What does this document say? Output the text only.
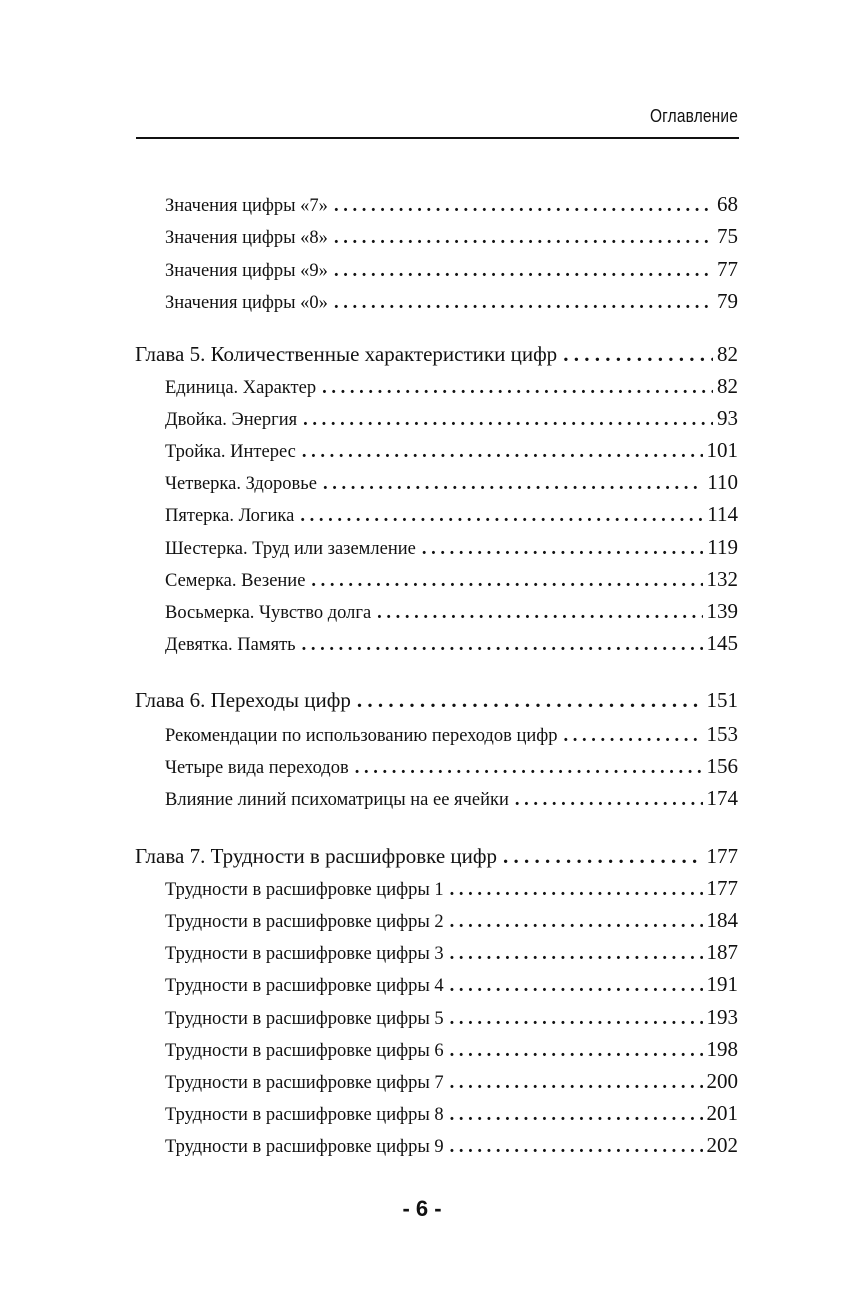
Оглавление
Значения цифры «7» . . .	68
Значения цифры «8» . . .	75
Значения цифры «9» . . .	77
Значения цифры «0» . . .	79
Глава 5. Количественные характеристики цифр . . .	82
Единица. Характер . . .	82
Двойка. Энергия . . .	93
Тройка. Интерес . . .	101
Четверка. Здоровье . . .	110
Пятерка. Логика . . .	114
Шестерка. Труд или заземление . . .	119
Семерка. Везение . . .	132
Восьмерка. Чувство долга . . .	139
Девятка. Память . . .	145
Глава 6. Переходы цифр . . .	151
Рекомендации по использованию переходов цифр . . .	153
Четыре вида переходов . . .	156
Влияние линий психоматрицы на ее ячейки . . .	174
Глава 7. Трудности в расшифровке цифр . . .	177
Трудности в расшифровке цифры 1 . . .	177
Трудности в расшифровке цифры 2 . . .	184
Трудности в расшифровке цифры 3 . . .	187
Трудности в расшифровке цифры 4 . . .	191
Трудности в расшифровке цифры 5 . . .	193
Трудности в расшифровке цифры 6 . . .	198
Трудности в расшифровке цифры 7 . . .	200
Трудности в расшифровке цифры 8 . . .	201
Трудности в расшифровке цифры 9 . . .	202
- 6 -
